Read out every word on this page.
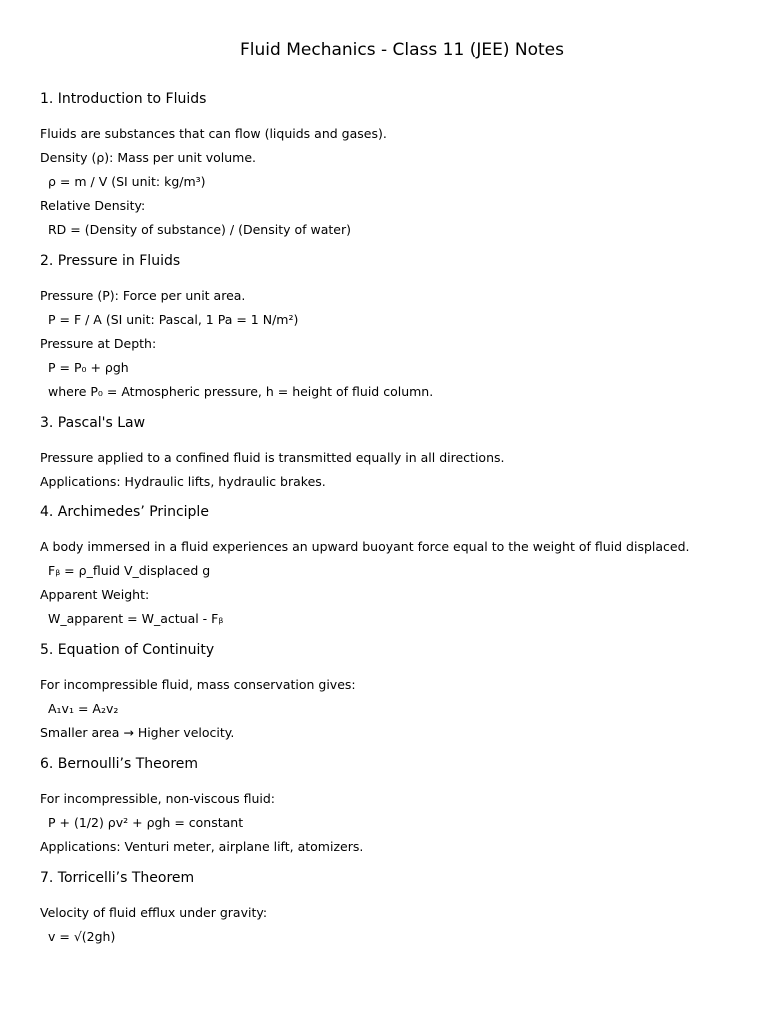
Fluid Mechanics - Class 11 (JEE) Notes
1. Introduction to Fluids
Fluids are substances that can flow (liquids and gases).
Density (ρ): Mass per unit volume.
ρ = m / V (SI unit: kg/m³)
Relative Density:
RD = (Density of substance) / (Density of water)
2. Pressure in Fluids
Pressure (P): Force per unit area.
P = F / A (SI unit: Pascal, 1 Pa = 1 N/m²)
Pressure at Depth:
P = P₀ + ρgh
where P₀ = Atmospheric pressure, h = height of fluid column.
3. Pascal's Law
Pressure applied to a confined fluid is transmitted equally in all directions.
Applications: Hydraulic lifts, hydraulic brakes.
4. Archimedes’ Principle
A body immersed in a fluid experiences an upward buoyant force equal to the weight of fluid displaced.
Fᵦ = ρ_fluid V_displaced g
Apparent Weight:
W_apparent = W_actual - Fᵦ
5. Equation of Continuity
For incompressible fluid, mass conservation gives:
A₁v₁ = A₂v₂
Smaller area → Higher velocity.
6. Bernoulli’s Theorem
For incompressible, non-viscous fluid:
P + (1/2) ρv² + ρgh = constant
Applications: Venturi meter, airplane lift, atomizers.
7. Torricelli’s Theorem
Velocity of fluid efflux under gravity:
v = √(2gh)
